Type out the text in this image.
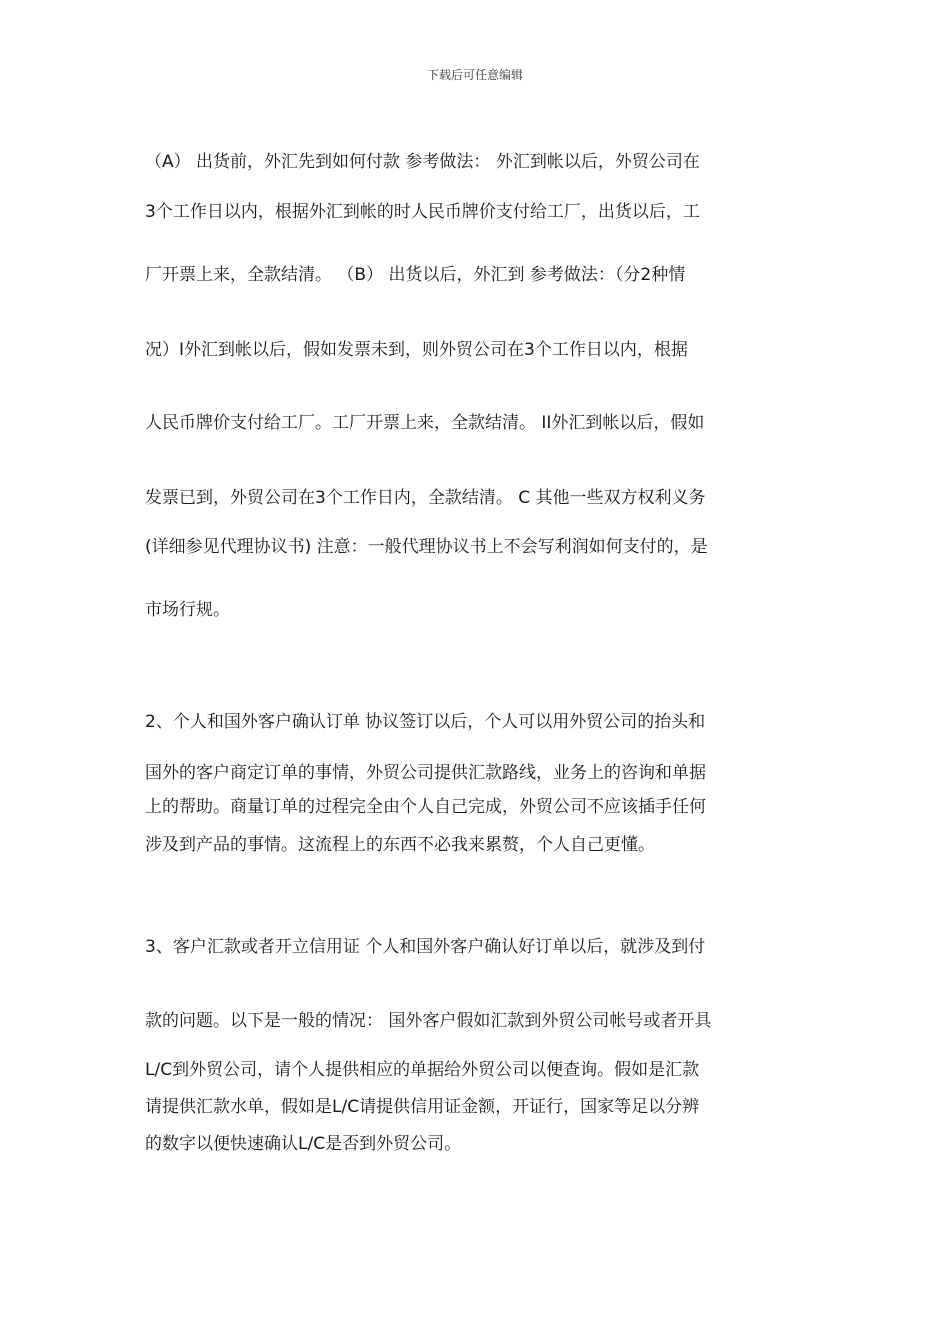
下载后可任意编辑
（A） 出货前，外汇先到如何付款 参考做法： 外汇到帐以后，外贸公司在
3个工作日以内，根据外汇到帐的时人民币牌价支付给工厂，出货以后，工
厂开票上来，全款结清。 （B） 出货以后，外汇到 参考做法：（分2种情
况）I外汇到帐以后，假如发票未到，则外贸公司在3个工作日以内，根据
人民币牌价支付给工厂。工厂开票上来，全款结清。 II外汇到帐以后，假如
发票已到，外贸公司在3个工作日内，全款结清。 C 其他一些双方权利义务
(详细参见代理协议书) 注意：一般代理协议书上不会写利润如何支付的，是
市场行规。
2、个人和国外客户确认订单 协议签订以后，个人可以用外贸公司的抬头和
国外的客户商定订单的事情，外贸公司提供汇款路线，业务上的咨询和单据
上的帮助。商量订单的过程完全由个人自己完成，外贸公司不应该插手任何
涉及到产品的事情。这流程上的东西不必我来累赘，个人自己更懂。
3、客户汇款或者开立信用证 个人和国外客户确认好订单以后，就涉及到付
款的问题。以下是一般的情况： 国外客户假如汇款到外贸公司帐号或者开具
L/C到外贸公司，请个人提供相应的单据给外贸公司以便查询。假如是汇款
请提供汇款水单，假如是L/C请提供信用证金额，开证行，国家等足以分辨
的数字以便快速确认L/C是否到外贸公司。
